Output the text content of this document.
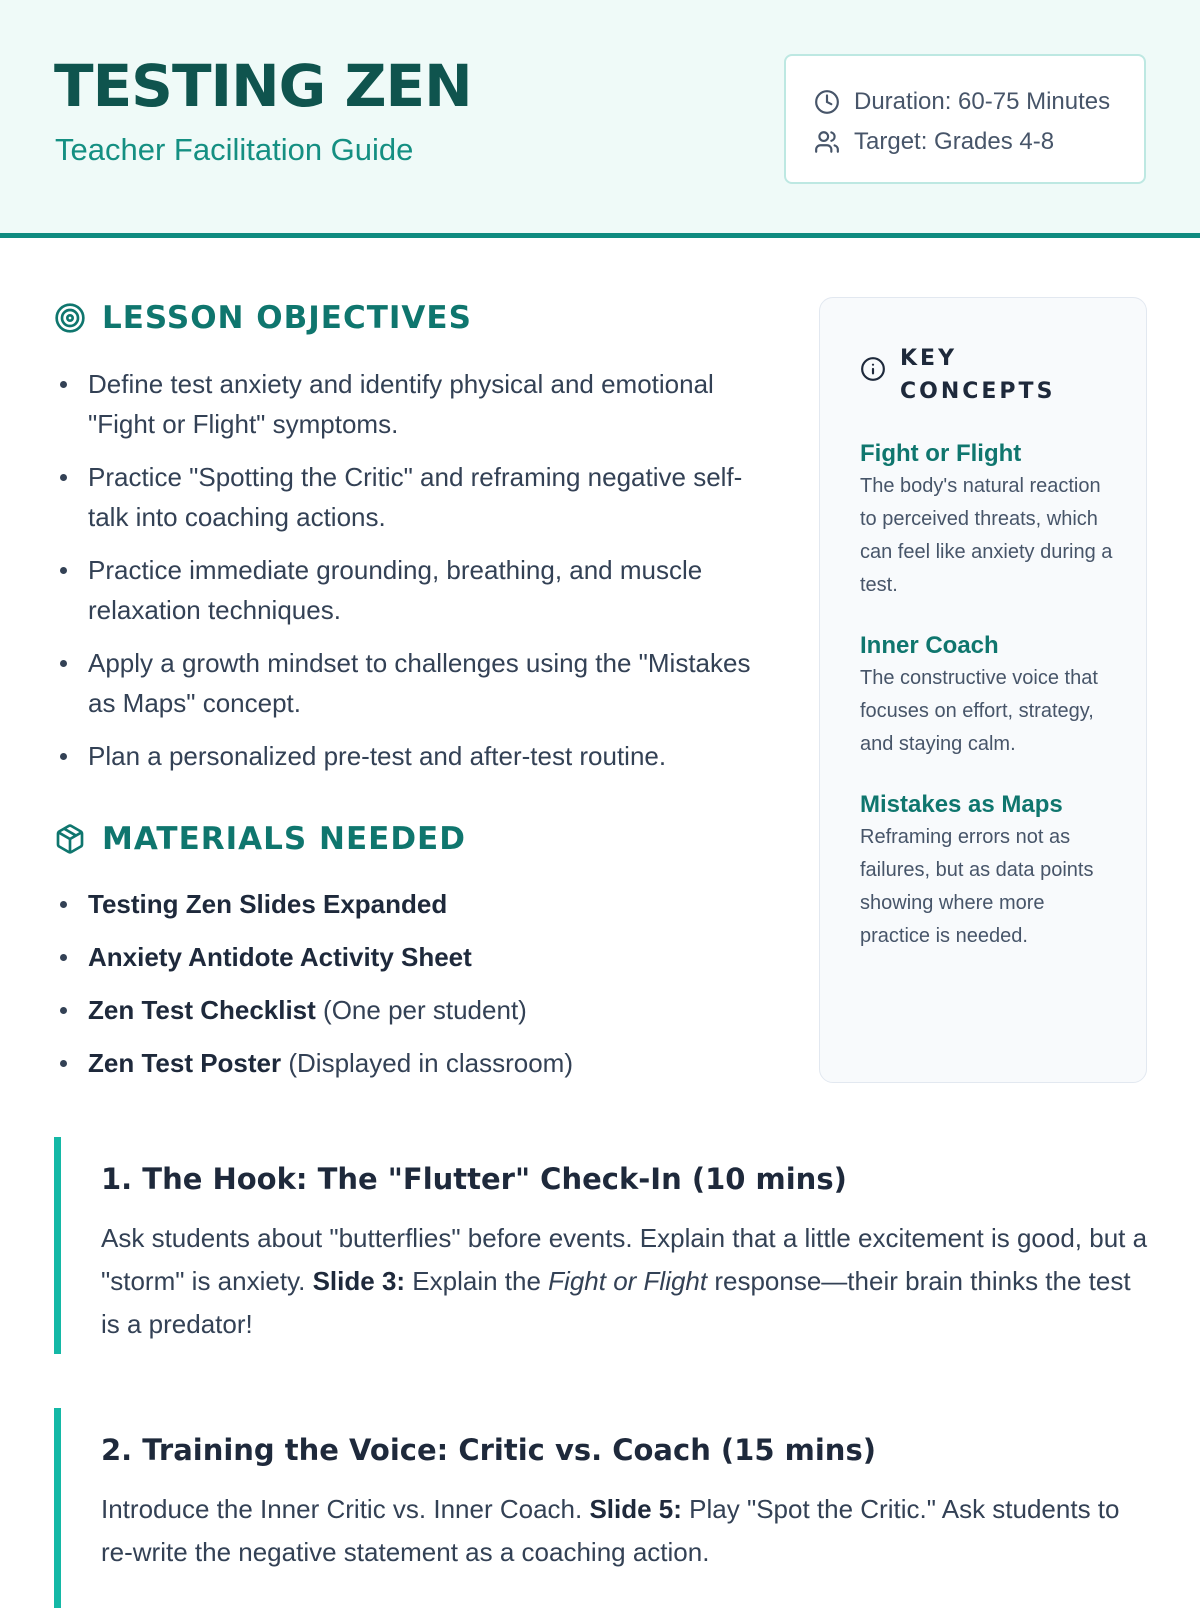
TESTING ZEN
Teacher Facilitation Guide
Duration: 60-75 Minutes
Target: Grades 4-8
LESSON OBJECTIVES
Define test anxiety and identify physical and emotional "Fight or Flight" symptoms.
Practice "Spotting the Critic" and reframing negative self-talk into coaching actions.
Practice immediate grounding, breathing, and muscle relaxation techniques.
Apply a growth mindset to challenges using the "Mistakes as Maps" concept.
Plan a personalized pre-test and after-test routine.
MATERIALS NEEDED
Testing Zen Slides Expanded
Anxiety Antidote Activity Sheet
Zen Test Checklist (One per student)
Zen Test Poster (Displayed in classroom)
KEY CONCEPTS
Fight or Flight
The body's natural reaction to perceived threats, which can feel like anxiety during a test.
Inner Coach
The constructive voice that focuses on effort, strategy, and staying calm.
Mistakes as Maps
Reframing errors not as failures, but as data points showing where more practice is needed.
1. The Hook: The "Flutter" Check-In (10 mins)
Ask students about "butterflies" before events. Explain that a little excitement is good, but a "storm" is anxiety. Slide 3: Explain the Fight or Flight response—their brain thinks the test is a predator!
2. Training the Voice: Critic vs. Coach (15 mins)
Introduce the Inner Critic vs. Inner Coach. Slide 5: Play "Spot the Critic." Ask students to re-write the negative statement as a coaching action.
